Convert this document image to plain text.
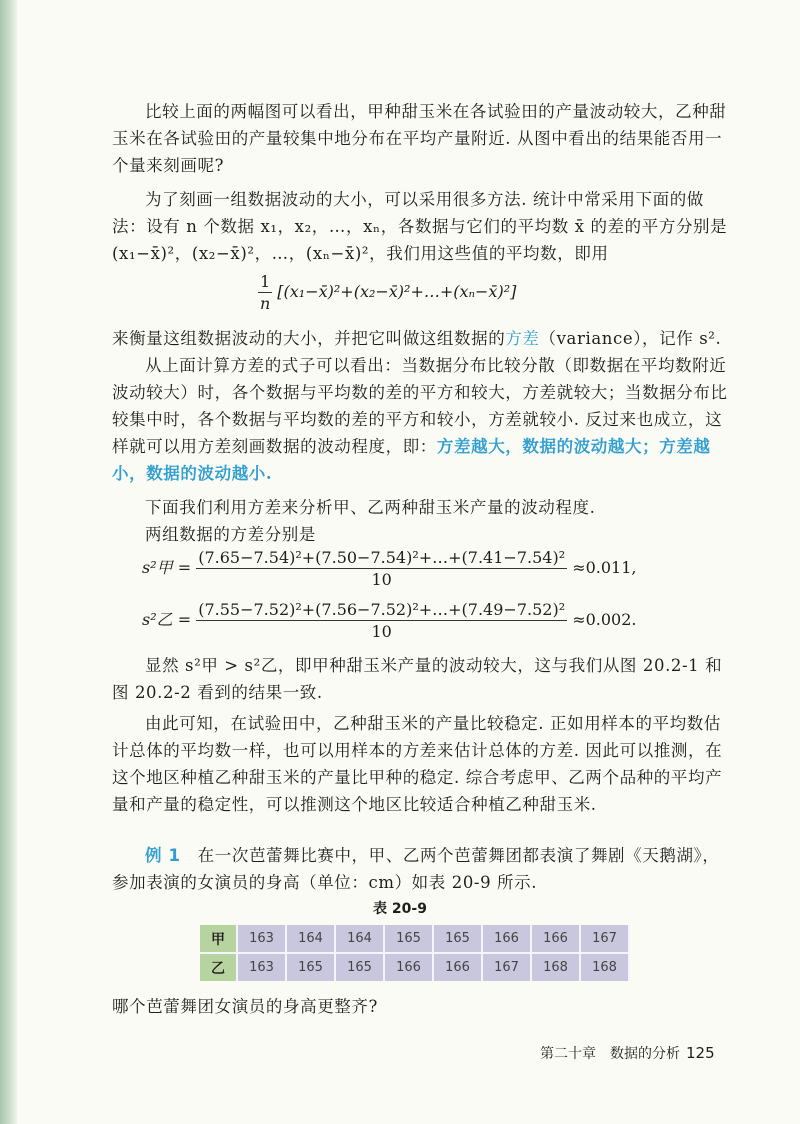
比较上面的两幅图可以看出，甲种甜玉米在各试验田的产量波动较大，乙种甜玉米在各试验田的产量较集中地分布在平均产量附近. 从图中看出的结果能否用一个量来刻画呢?

为了刻画一组数据波动的大小，可以采用很多方法. 统计中常采用下面的做法：设有 n 个数据 x₁，x₂，…，xₙ，各数据与它们的平均数 x̄ 的差的平方分别是 (x₁−x̄)²，(x₂−x̄)²，…，(xₙ−x̄)²，我们用这些值的平均数，即用

$\frac{1}{n}$ [(x₁−x̄)²+(x₂−x̄)²+…+(xₙ−x̄)²]

来衡量这组数据波动的大小，并把它叫做这组数据的方差（variance），记作 s².

从上面计算方差的式子可以看出：当数据分布比较分散（即数据在平均数附近波动较大）时，各个数据与平均数的差的平方和较大，方差就较大；当数据分布比较集中时，各个数据与平均数的差的平方和较小，方差就较小. 反过来也成立，这样就可以用方差刻画数据的波动程度，即：方差越大，数据的波动越大；方差越小，数据的波动越小.

下面我们利用方差来分析甲、乙两种甜玉米产量的波动程度.

两组数据的方差分别是

s²甲 = $\frac{\text{(7.65−7.54)²+(7.50−7.54)²+…+(7.41−7.54)²}}{10} \approx 0.011$,
s²乙 = $\frac{\text{(7.55−7.52)²+(7.56−7.52)²+…+(7.49−7.52)²}}{10} \approx 0.002$.

显然 s²甲 > s²乙，即甲种甜玉米产量的波动较大，这与我们从图 20.2-1 和图 20.2-2 看到的结果一致.

由此可知，在试验田中，乙种甜玉米的产量比较稳定. 正如用样本的平均数估计总体的平均数一样，也可以用样本的方差来估计总体的方差. 因此可以推测，在这个地区种植乙种甜玉米的产量比甲种的稳定. 综合考虑甲、乙两个品种的平均产量和产量的稳定性，可以推测这个地区比较适合种植乙种甜玉米.

例 1　 在一次芭蕾舞比赛中，甲、乙两个芭蕾舞团都表演了舞剧《天鹅湖》，参加表演的女演员的身高（单位：cm）如表 20-9 所示.

表 20-9
甲	163	164	164	165	165	166	166	167
乙	163	165	165	166	166	167	168	168

哪个芭蕾舞团女演员的身高更整齐?

第二十章　数据的分析 125
